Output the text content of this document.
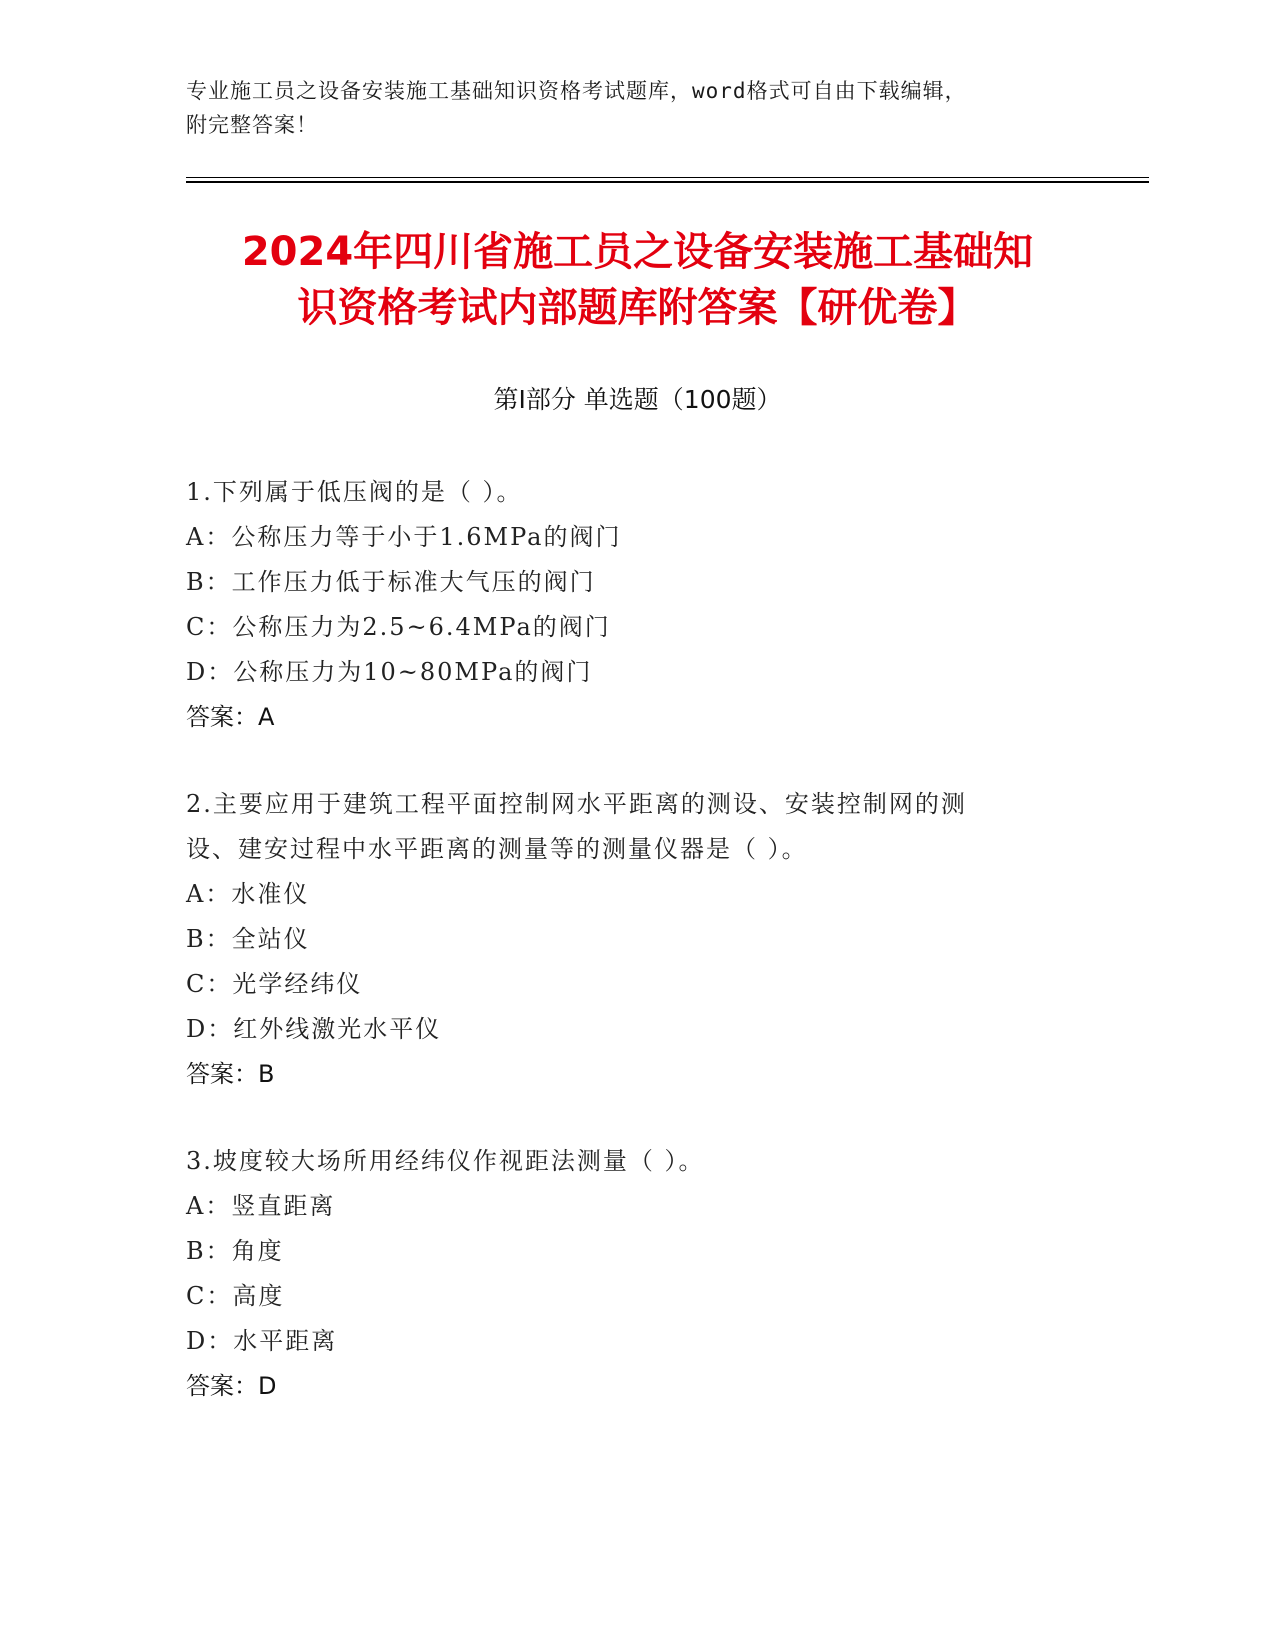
专业施工员之设备安装施工基础知识资格考试题库，word格式可自由下载编辑，
附完整答案！
2024年四川省施工员之设备安装施工基础知
识资格考试内部题库附答案【研优卷】
第Ⅰ部分 单选题（100题）
1.下列属于低压阀的是（ ）。
A：公称压力等于小于1.6MPa的阀门
B：工作压力低于标准大气压的阀门
C：公称压力为2.5~6.4MPa的阀门
D：公称压力为10~80MPa的阀门
答案：A
2.主要应用于建筑工程平面控制网水平距离的测设、安装控制网的测
设、建安过程中水平距离的测量等的测量仪器是（ ）。
A：水准仪
B：全站仪
C：光学经纬仪
D：红外线激光水平仪
答案：B
3.坡度较大场所用经纬仪作视距法测量（ ）。
A：竖直距离
B：角度
C：高度
D：水平距离
答案：D
